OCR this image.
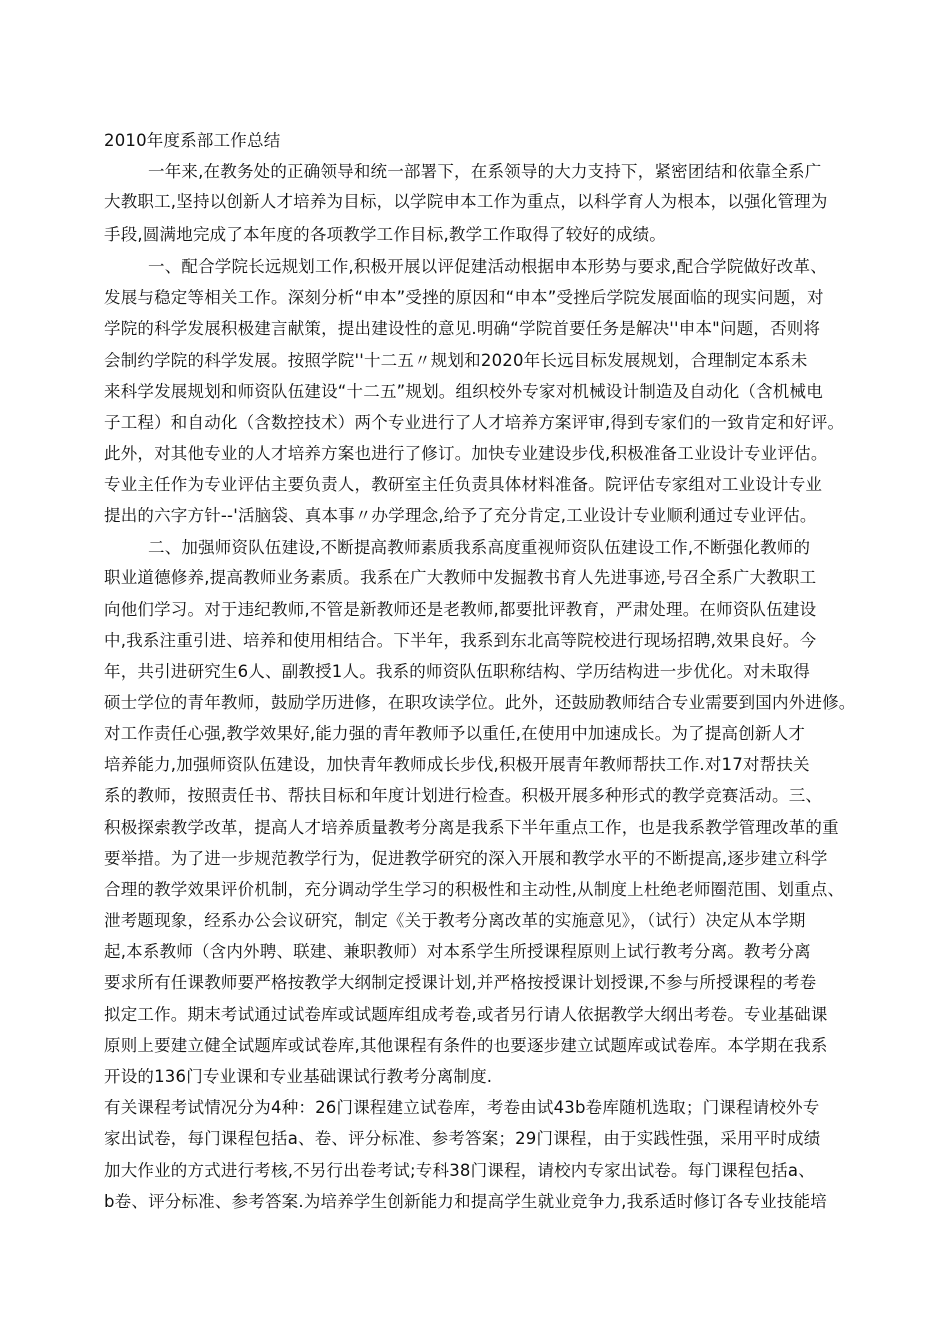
2010年度系部工作总结
一年来,在教务处的正确领导和统一部署下，在系领导的大力支持下，紧密团结和依靠全系广
大教职工,坚持以创新人才培养为目标，以学院申本工作为重点，以科学育人为根本，以强化管理为
手段,圆满地完成了本年度的各项教学工作目标,教学工作取得了较好的成绩。
一、配合学院长远规划工作,积极开展以评促建活动根据申本形势与要求,配合学院做好改革、
发展与稳定等相关工作。深刻分析“申本”受挫的原因和“申本”受挫后学院发展面临的现实问题，对
学院的科学发展积极建言献策，提出建设性的意见.明确“学院首要任务是解决''申本"问题，否则将
会制约学院的科学发展。按照学院''十二五〃规划和2020年长远目标发展规划，合理制定本系未
来科学发展规划和师资队伍建设“十二五”规划。组织校外专家对机械设计制造及自动化（含机械电
子工程）和自动化（含数控技术）两个专业进行了人才培养方案评审,得到专家们的一致肯定和好评。
此外，对其他专业的人才培养方案也进行了修订。加快专业建设步伐,积极准备工业设计专业评估。
专业主任作为专业评估主要负责人，教研室主任负责具体材料准备。院评估专家组对工业设计专业
提出的六字方针--'活脑袋、真本事〃办学理念,给予了充分肯定,工业设计专业顺利通过专业评估。
二、加强师资队伍建设,不断提高教师素质我系高度重视师资队伍建设工作,不断强化教师的
职业道德修养,提高教师业务素质。我系在广大教师中发掘教书育人先进事迹,号召全系广大教职工
向他们学习。对于违纪教师,不管是新教师还是老教师,都要批评教育，严肃处理。在师资队伍建设
中,我系注重引进、培养和使用相结合。下半年，我系到东北高等院校进行现场招聘,效果良好。今
年，共引进研究生6人、副教授1人。我系的师资队伍职称结构、学历结构进一步优化。对未取得
硕士学位的青年教师，鼓励学历进修，在职攻读学位。此外，还鼓励教师结合专业需要到国内外进修。
对工作责任心强,教学效果好,能力强的青年教师予以重任,在使用中加速成长。为了提高创新人才
培养能力,加强师资队伍建设，加快青年教师成长步伐,积极开展青年教师帮扶工作.对17对帮扶关
系的教师，按照责任书、帮扶目标和年度计划进行检查。积极开展多种形式的教学竞赛活动。三、
积极探索教学改革，提高人才培养质量教考分离是我系下半年重点工作，也是我系教学管理改革的重
要举措。为了进一步规范教学行为，促进教学研究的深入开展和教学水平的不断提高,逐步建立科学
合理的教学效果评价机制，充分调动学生学习的积极性和主动性,从制度上杜绝老师圈范围、划重点、
泄考题现象，经系办公会议研究，制定《关于教考分离改革的实施意见》，（试行）决定从本学期
起,本系教师（含内外聘、联建、兼职教师）对本系学生所授课程原则上试行教考分离。教考分离
要求所有任课教师要严格按教学大纲制定授课计划,并严格按授课计划授课,不参与所授课程的考卷
拟定工作。期末考试通过试卷库或试题库组成考卷,或者另行请人依据教学大纲出考卷。专业基础课
原则上要建立健全试题库或试卷库,其他课程有条件的也要逐步建立试题库或试卷库。本学期在我系
开设的136门专业课和专业基础课试行教考分离制度.
有关课程考试情况分为4种：26门课程建立试卷库，考卷由试43b卷库随机选取；门课程请校外专
家出试卷，每门课程包括a、卷、评分标准、参考答案；29门课程，由于实践性强，采用平时成绩
加大作业的方式进行考核,不另行出卷考试;专科38门课程，请校内专家出试卷。每门课程包括a、
b卷、评分标准、参考答案.为培养学生创新能力和提高学生就业竞争力,我系适时修订各专业技能培
